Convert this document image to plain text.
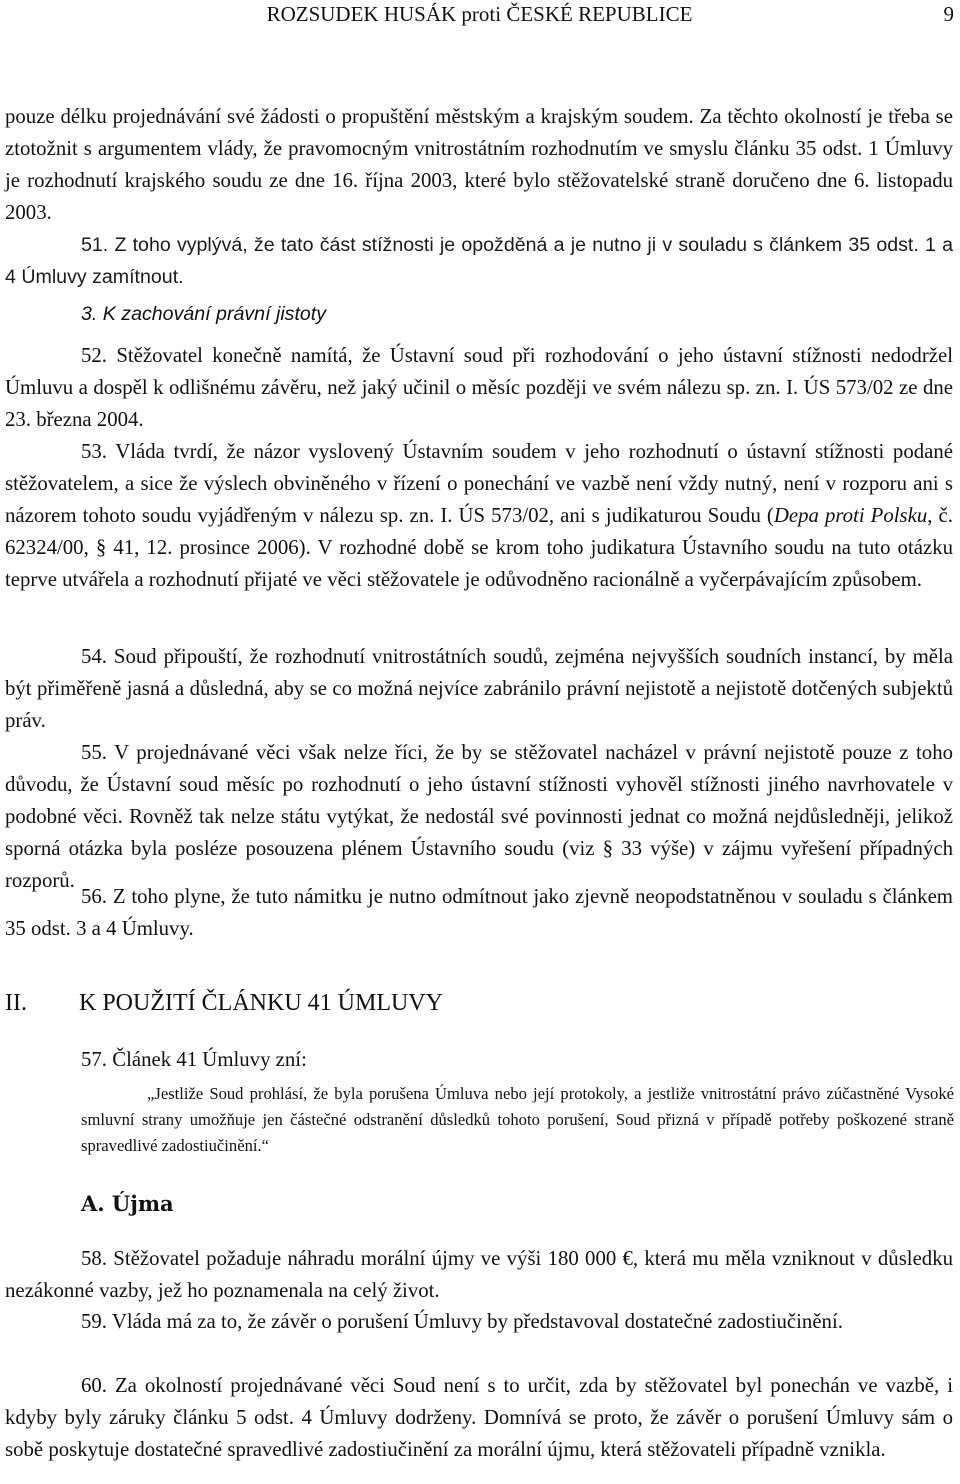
ROZSUDEK HUSÁK proti ČESKÉ REPUBLICE	9
pouze délku projednávání své žádosti o propuštění městským a krajským soudem. Za těchto okolností je třeba se ztotožnit s argumentem vlády, že pravomocným vnitrostátním rozhodnutím ve smyslu článku 35 odst. 1 Úmluvy je rozhodnutí krajského soudu ze dne 16. října 2003, které bylo stěžovatelské straně doručeno dne 6. listopadu 2003.
51. Z toho vyplývá, že tato část stížnosti je opožděná a je nutno ji v souladu s článkem 35 odst. 1 a 4 Úmluvy zamítnout.
3. K zachování právní jistoty
52. Stěžovatel konečně namítá, že Ústavní soud při rozhodování o jeho ústavní stížnosti nedodržel Úmluvu a dospěl k odlišnému závěru, než jaký učinil o měsíc později ve svém nálezu sp. zn. I. ÚS 573/02 ze dne 23. března 2004.
53. Vláda tvrdí, že názor vyslovený Ústavním soudem v jeho rozhodnutí o ústavní stížnosti podané stěžovatelem, a sice že výslech obviněného v řízení o ponechání ve vazbě není vždy nutný, není v rozporu ani s názorem tohoto soudu vyjádřeným v nálezu sp. zn. I. ÚS 573/02, ani s judikaturou Soudu (Depa proti Polsku, č. 62324/00, § 41, 12. prosince 2006). V rozhodné době se krom toho judikatura Ústavního soudu na tuto otázku teprve utvářela a rozhodnutí přijaté ve věci stěžovatele je odůvodněno racionálně a vyčerpávajícím způsobem.
54. Soud připouští, že rozhodnutí vnitrostátních soudů, zejména nejvyšších soudních instancí, by měla být přiměřeně jasná a důsledná, aby se co možná nejvíce zabránilo právní nejistotě a nejistotě dotčených subjektů práv.
55. V projednávané věci však nelze říci, že by se stěžovatel nacházel v právní nejistotě pouze z toho důvodu, že Ústavní soud měsíc po rozhodnutí o jeho ústavní stížnosti vyhověl stížnosti jiného navrhovatele v podobné věci. Rovněž tak nelze státu vytýkat, že nedostál své povinnosti jednat co možná nejdůsledněji, jelikož sporná otázka byla posléze posouzena plénem Ústavního soudu (viz § 33 výše) v zájmu vyřešení případných rozporů.
56. Z toho plyne, že tuto námitku je nutno odmítnout jako zjevně neopodstatněnou v souladu s článkem 35 odst. 3 a 4 Úmluvy.
II. K POUŽITÍ ČLÁNKU 41 ÚMLUVY
57. Článek 41 Úmluvy zní:
„Jestliže Soud prohlásí, že byla porušena Úmluva nebo její protokoly, a jestliže vnitrostátní právo zúčastněné Vysoké smluvní strany umožňuje jen částečné odstranění důsledků tohoto porušení, Soud přizná v případě potřeby poškozené straně spravedlivé zadostiučinění.“
A. Újma
58. Stěžovatel požaduje náhradu morální újmy ve výši 180 000 €, která mu měla vzniknout v důsledku nezákonné vazby, jež ho poznamenala na celý život.
59. Vláda má za to, že závěr o porušení Úmluvy by představoval dostatečné zadostiučinění.
60. Za okolností projednávané věci Soud není s to určit, zda by stěžovatel byl ponechán ve vazbě, i kdyby byly záruky článku 5 odst. 4 Úmluvy dodrženy. Domnívá se proto, že závěr o porušení Úmluvy sám o sobě poskytuje dostatečné spravedlivé zadostiučinění za morální újmu, která stěžovateli případně vznikla.
